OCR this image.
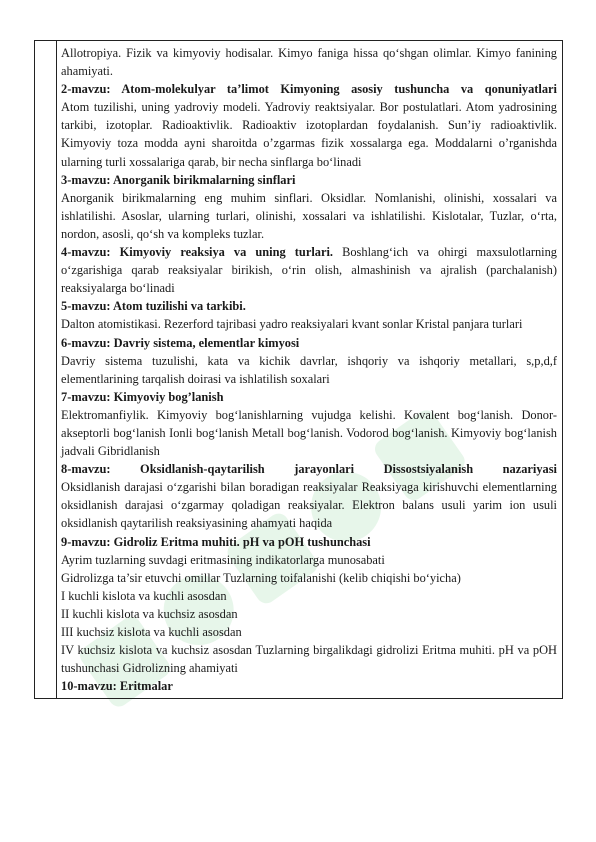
Allotropiya. Fizik va kimyoviy hodisalar. Kimyo faniga hissa qo‘shgan olimlar. Kimyo fanining ahamiyati.

2-mavzu: Atom-molekulyar ta’limot Kimyoning asosiy tushuncha va qonuniyatlari

Atom tuzilishi, uning yadroviy modeli. Yadroviy reaktsiyalar. Bor postulatlari. Atom yadrosining tarkibi, izotoplar. Radioaktivlik. Radioaktiv izotoplardan foydalanish. Sun’iy radioaktivlik. Kimyoviy toza modda ayni sharoitda o’zgarmas fizik xossalarga ega. Moddalarni o’rganishda ularning turli xossalariga qarab, bir necha sinflarga bo‘linadi

3-mavzu: Anorganik birikmalarning sinflari

Anorganik birikmalarning eng muhim sinflari. Oksidlar. Nomlanishi, olinishi, xossalari va ishlatilishi. Asoslar, ularning turlari, olinishi, xossalari va ishlatilishi. Kislotalar, Tuzlar, o‘rta, nordon, asosli, qo‘sh va kompleks tuzlar.

4-mavzu: Kimyoviy reaksiya va uning turlari. Boshlang‘ich va ohirgi maxsulotlarning o‘zgarishiga qarab reaksiyalar birikish, o‘rin olish, almashinish va ajralish (parchalanish) reaksiyalarga bo‘linadi

5-mavzu: Atom tuzilishi va tarkibi.

Dalton atomistikasi. Rezerford tajribasi yadro reaksiyalari kvant sonlar Kristal panjara turlari

6-mavzu: Davriy sistema, elementlar kimyosi

Davriy sistema tuzulishi, kata va kichik davrlar, ishqoriy va ishqoriy metallari, s,p,d,f elementlarining tarqalish doirasi va ishlatilish soxalari

7-mavzu: Kimyoviy bog’lanish

Elektromanfiylik. Kimyoviy bog‘lanishlarning vujudga kelishi. Kovalent bog‘lanish. Donor-akseptorli bog‘lanish Ionli bog‘lanish Metall bog‘lanish. Vodorod bog‘lanish. Kimyoviy bog‘lanish jadvali Gibridlanish

8-mavzu: Oksidlanish-qaytarilish jarayonlari Dissostsiyalanish nazariyasi

Oksidlanish darajasi o‘zgarishi bilan boradigan reaksiyalar Reaksiyaga kirishuvchi elementlarning oksidlanish darajasi o‘zgarmay qoladigan reaksiyalar. Elektron balans usuli yarim ion usuli oksidlanish qaytarilish reaksiyasining ahamyati haqida

9-mavzu: Gidroliz Eritma muhiti. pH va pOH tushunchasi

Ayrim tuzlarning suvdagi eritmasining indikatorlarga munosabati

Gidrolizga ta’sir etuvchi omillar Tuzlarning toifalanishi (kelib chiqishi bo‘yicha)

I kuchli kislota va kuchli asosdan

II kuchli kislota va kuchsiz asosdan

III kuchsiz kislota va kuchli asosdan

IV kuchsiz kislota va kuchsiz asosdan Tuzlarning birgalikdagi gidrolizi Eritma muhiti. pH va pOH tushunchasi Gidrolizning ahamiyati

10-mavzu: Eritmalar
